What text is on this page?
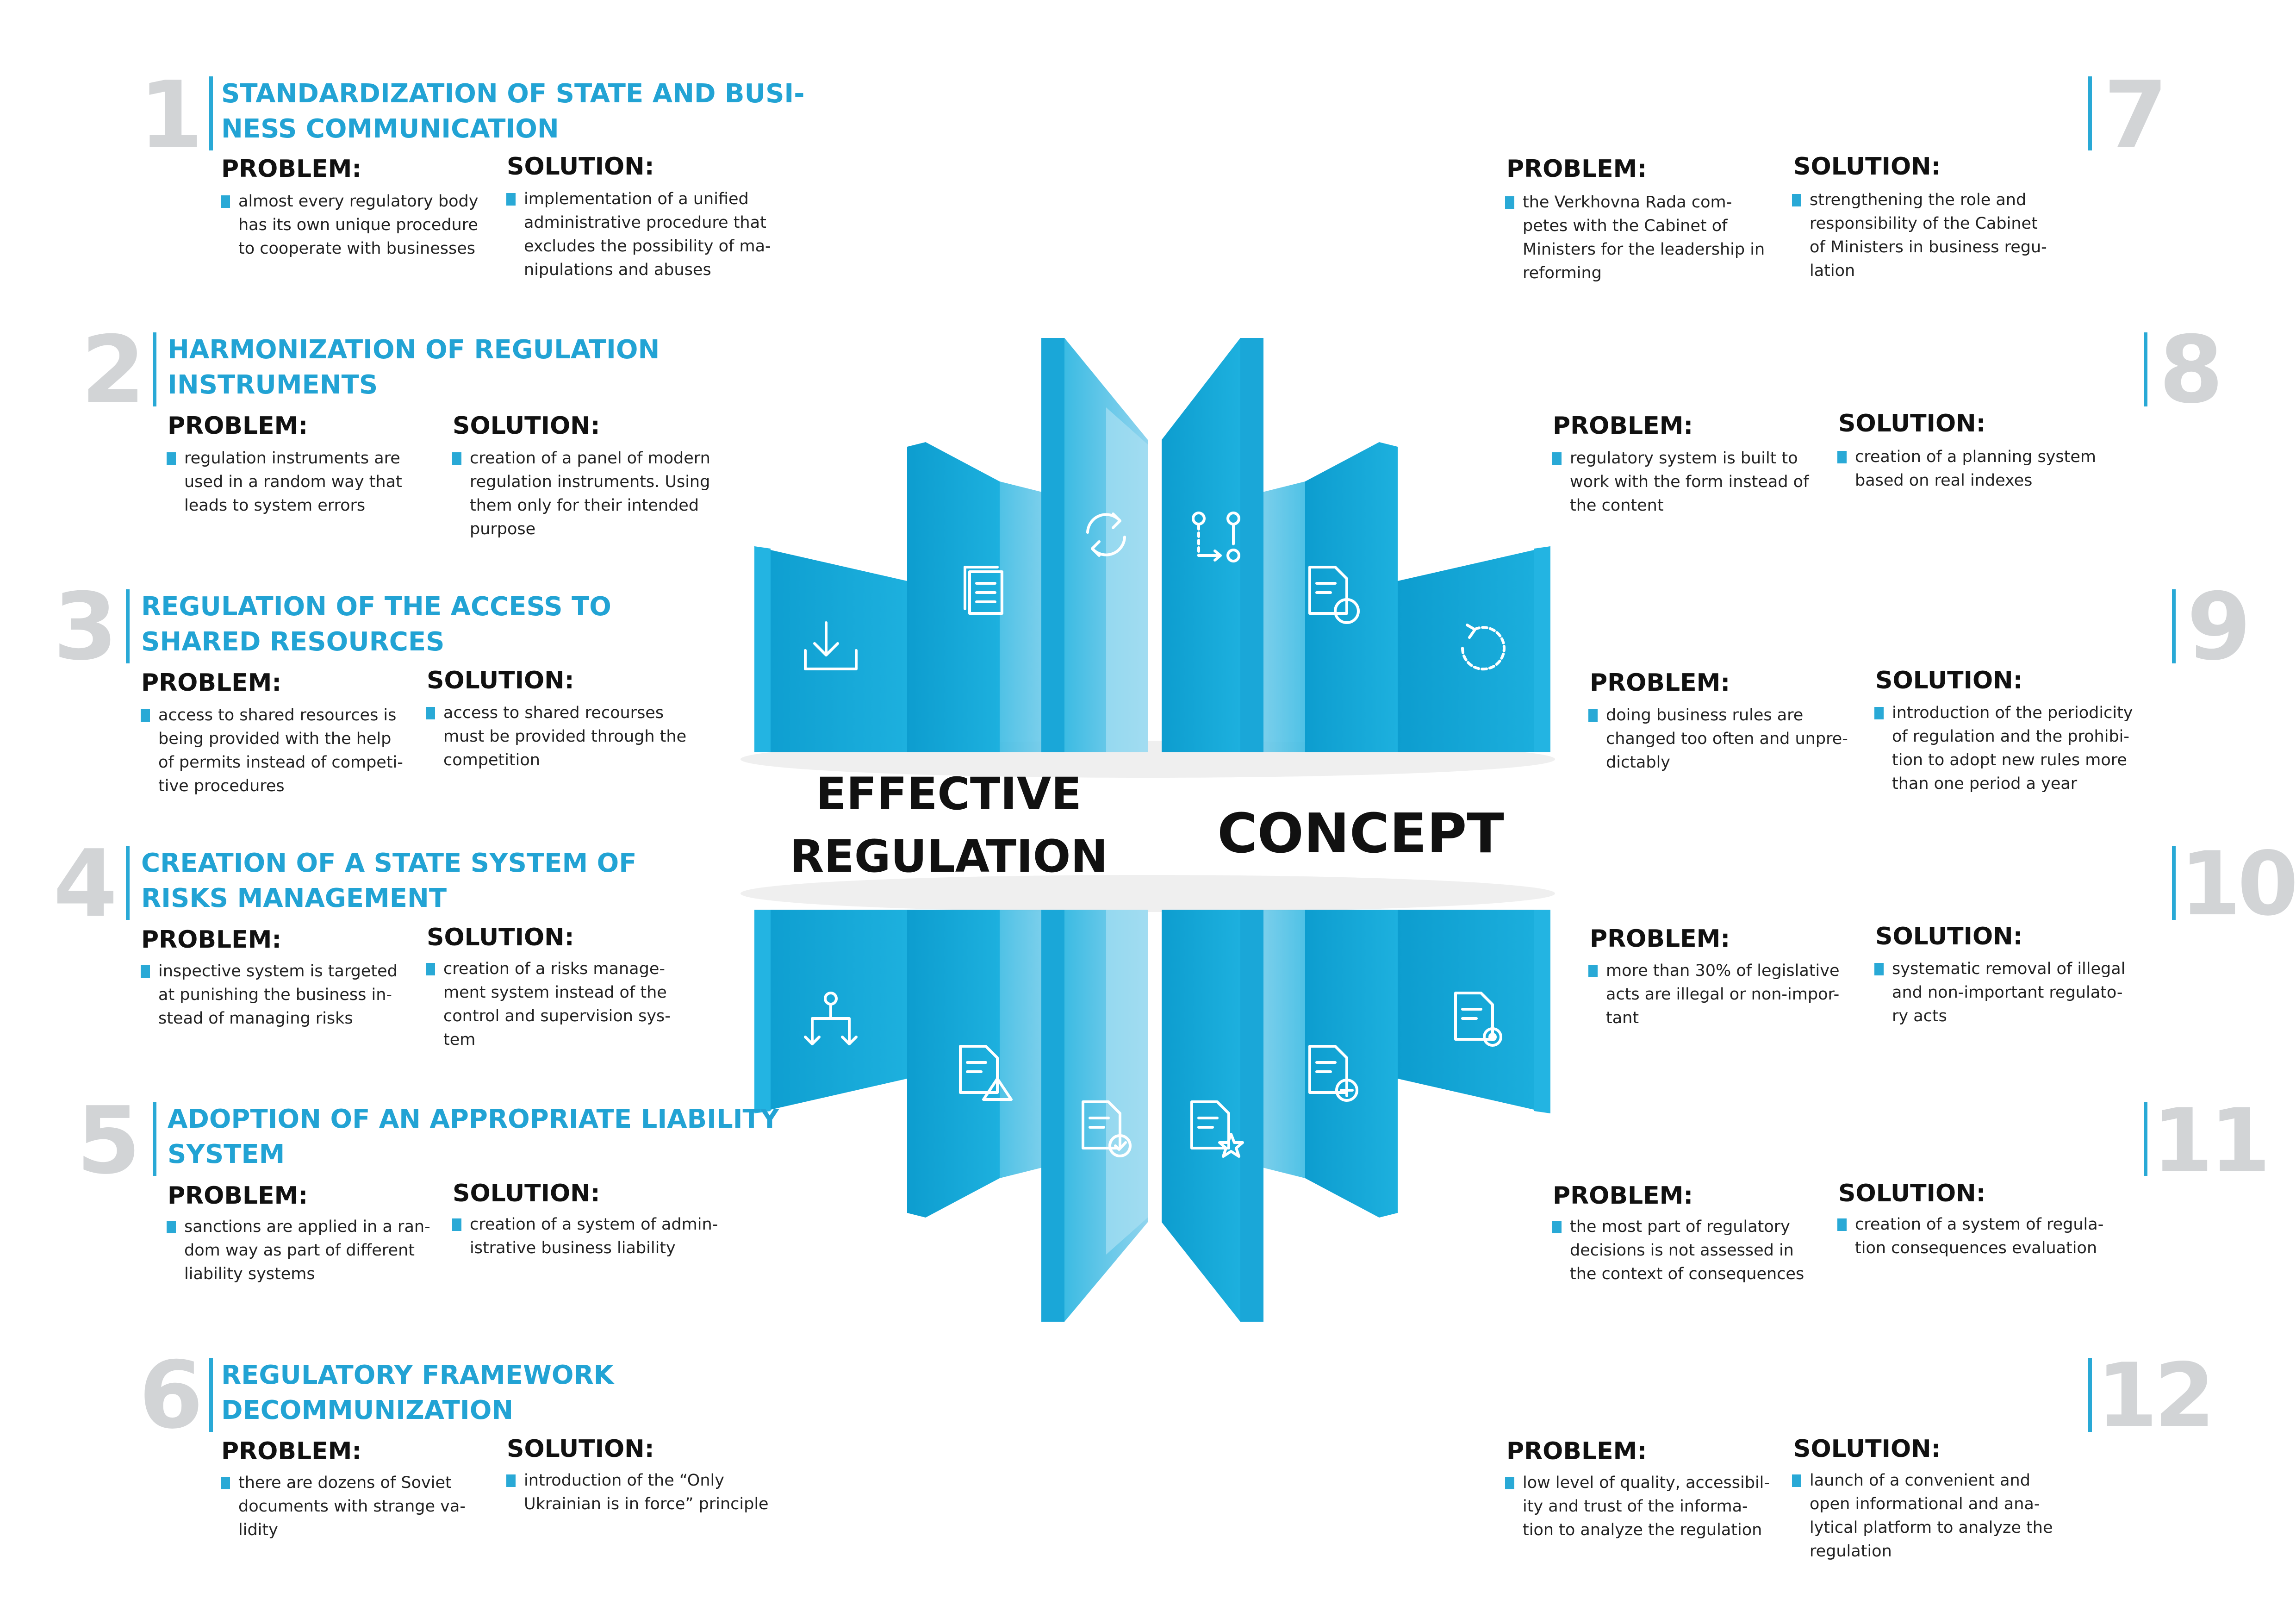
EFFECTIVE
REGULATION	CONCEPT
1 STANDARDIZATION OF STATE AND BUSI-
NESS COMMUNICATION
PROBLEM:	SOLUTION:
almost every regulatory body
has its own unique procedure
to cooperate with businesses
implementation of a unified
administrative procedure that
excludes the possibility of ma-
nipulations and abuses
2 HARMONIZATION OF REGULATION
INSTRUMENTS
PROBLEM:	SOLUTION:
regulation instruments are
used in a random way that
leads to system errors
creation of a panel of modern
regulation instruments. Using
them only for their intended
purpose
3 REGULATION OF THE ACCESS TO
SHARED RESOURCES
PROBLEM:	SOLUTION:
access to shared resources is
being provided with the help
of permits instead of competi-
tive procedures
access to shared recourses
must be provided through the
competition
4 CREATION OF A STATE SYSTEM OF
RISKS MANAGEMENT
PROBLEM:	SOLUTION:
inspective system is targeted
at punishing the business in-
stead of managing risks
creation of a risks manage-
ment system instead of the
control and supervision sys-
tem
5 ADOPTION OF AN APPROPRIATE LIABILITY
SYSTEM
PROBLEM:	SOLUTION:
sanctions are applied in a ran-
dom way as part of different
liability systems
creation of a system of admin-
istrative business liability
6 REGULATORY FRAMEWORK
DECOMMUNIZATION
PROBLEM:	SOLUTION:
there are dozens of Soviet
documents with strange va-
lidity
introduction of the “Only
Ukrainian is in force” principle
7
PROBLEM:	SOLUTION:
the Verkhovna Rada com-
petes with the Cabinet of
Ministers for the leadership in
reforming
strengthening the role and
responsibility of the Cabinet
of Ministers in business regu-
lation
8
PROBLEM:	SOLUTION:
regulatory system is built to
work with the form instead of
the content
creation of a planning system
based on real indexes
9
PROBLEM:	SOLUTION:
doing business rules are
changed too often and unpre-
dictably
introduction of the periodicity
of regulation and the prohibi-
tion to adopt new rules more
than one period a year
10
PROBLEM:	SOLUTION:
more than 30% of legislative
acts are illegal or non-impor-
tant
systematic removal of illegal
and non-important regulato-
ry acts
11
PROBLEM:	SOLUTION:
the most part of regulatory
decisions is not assessed in
the context of consequences
creation of a system of regula-
tion consequences evaluation
12
PROBLEM:	SOLUTION:
low level of quality, accessibil-
ity and trust of the informa-
tion to analyze the regulation
launch of a convenient and
open informational and ana-
lytical platform to analyze the
regulation
